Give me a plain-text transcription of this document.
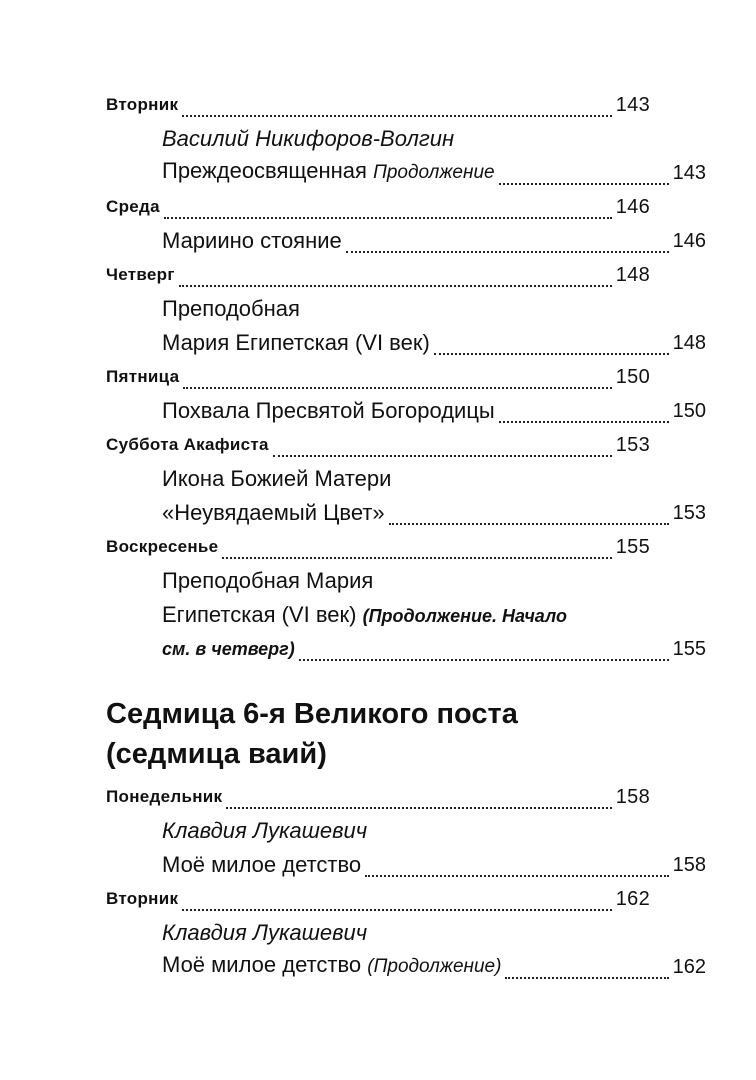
Вторник	143
Василий Никифоров-Волгин
Преждеосвященная Продолжение	143
Среда	146
Мариино стояние	146
Четверг	148
Преподобная
Мария Египетская (VI век)	148
Пятница	150
Похвала Пресвятой Богородицы	150
Суббота Акафиста	153
Икона Божией Матери
«Неувядаемый Цвет»	153
Воскресенье	155
Преподобная Мария
Египетская (VI век) (Продолжение. Начало
см. в четверг)	155
Седмица 6-я Великого поста
(седмица ваий)
Понедельник	158
Клавдия Лукашевич
Моё милое детство	158
Вторник	162
Клавдия Лукашевич
Моё милое детство (Продолжение)	162
